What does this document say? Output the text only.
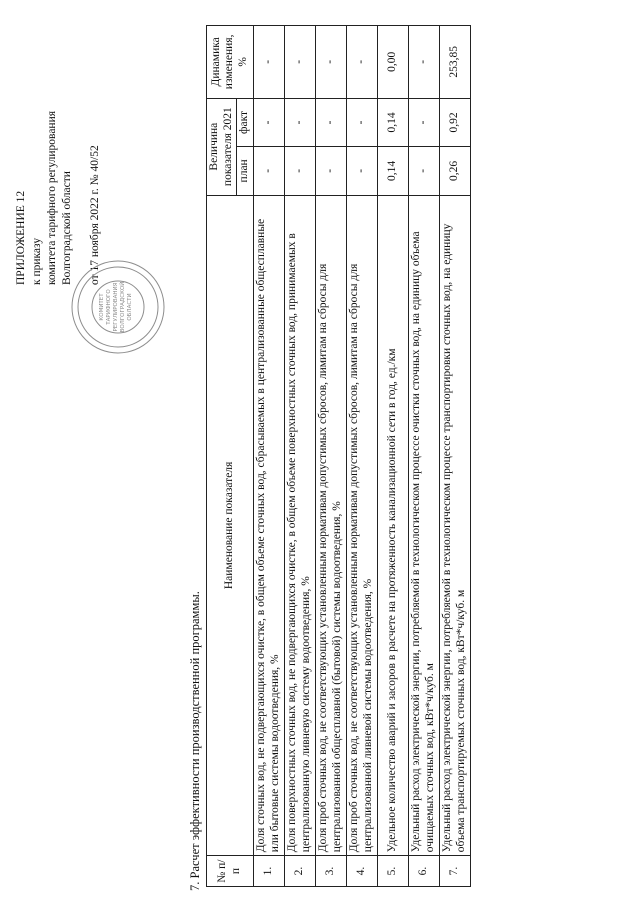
ПРИЛОЖЕНИЕ 12 к приказу комитета тарифного регулирования Волгоградской области от 17 ноября 2022 г. № 40/52
КОМИТЕТ ТАРИФНОГО РЕГУЛИРОВАНИЯ ВОЛГОГРАДСКОЙ ОБЛАСТИ
7. Расчет эффективности производственной программы. № п/п	Наименование показателя	Величина показателя 2021		Динамика изменения, %
		план	факт	
1.	Доля сточных вод, не подвергающихся очистке, в общем объеме сточных вод, сбрасываемых в централизованные общесплавные или бытовые системы водоотведения, %	-	-	-
2.	Доля поверхностных сточных вод, не подвергающихся очистке, в общем объеме поверхностных сточных вод, принимаемых в централизованную ливневую систему водоотведения, %	-	-	-
3.	Доля проб сточных вод, не соответствующих установленным нормативам допустимых сбросов, лимитам на сбросы для централизованной общесплавной (бытовой) системы водоотведения, %	-	-	-
4.	Доля проб сточных вод, не соответствующих установленным нормативам допустимых сбросов, лимитам на сбросы для централизованной ливневой системы водоотведения, %	-	-	-
5.	Удельное количество аварий и засоров в расчете на протяженность канализационной сети в год, ед./км	0,14	0,14	0,00
6.	Удельный расход электрической энергии, потребляемой в технологическом процессе очистки сточных вод, на единицу объема очищаемых сточных вод, кВт*ч/куб. м	-	-	-
7.	Удельный расход электрической энергии, потребляемой в технологическом процессе транспортировки сточных вод, на единицу объема транспортируемых сточных вод, кВт*ч/куб. м	0,26	0,92	253,85
